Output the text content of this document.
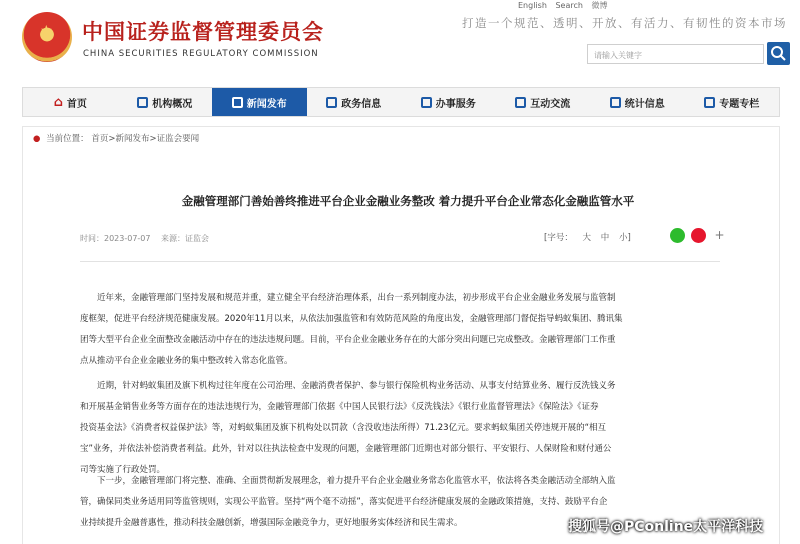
★ 中国证券监督管理委员会
CHINA SECURITIES REGULATORY COMMISSION
English Search 微博
打造一个规范、透明、开放、有活力、有韧性的资本市场
请输入关键字
⌂ 首页	机构概况	新闻发布	政务信息	办事服务	互动交流	统计信息	专题专栏
● 当前位置： 首页>新闻发布>证监会要闻
金融管理部门善始善终推进平台企业金融业务整改 着力提升平台企业常态化金融监管水平
时间：2023-07-07 来源：证监会	[字号： 大 中 小]	+
近年来，金融管理部门坚持发展和规范并重，建立健全平台经济治理体系，出台一系列制度办法，初步形成平台企业金融业务发展与监管制
度框架，促进平台经济规范健康发展。2020年11月以来，从依法加强监管和有效防范风险的角度出发，金融管理部门督促指导蚂蚁集团、腾讯集
团等大型平台企业全面整改金融活动中存在的违法违规问题。目前，平台企业金融业务存在的大部分突出问题已完成整改。金融管理部门工作重
点从推动平台企业金融业务的集中整改转入常态化监管。
近期，针对蚂蚁集团及旗下机构过往年度在公司治理、金融消费者保护、参与银行保险机构业务活动、从事支付结算业务、履行反洗钱义务
和开展基金销售业务等方面存在的违法违规行为，金融管理部门依据《中国人民银行法》《反洗钱法》《银行业监督管理法》《保险法》《证券
投资基金法》《消费者权益保护法》等，对蚂蚁集团及旗下机构处以罚款（含没收违法所得）71.23亿元。要求蚂蚁集团关停违规开展的“相互
宝”业务，并依法补偿消费者利益。此外，针对以往执法检查中发现的问题，金融管理部门近期也对部分银行、平安银行、人保财险和财付通公
司等实施了行政处罚。
下一步，金融管理部门将完整、准确、全面贯彻新发展理念，着力提升平台企业金融业务常态化监管水平，依法将各类金融活动全部纳入监
管，确保同类业务适用同等监管规则，实现公平监管。坚持“两个毫不动摇”，落实促进平台经济健康发展的金融政策措施，支持、鼓励平台企
业持续提升金融普惠性，推动科技金融创新，增强国际金融竞争力，更好地服务实体经济和民生需求。	搜狐号@PConline太平洋科技
